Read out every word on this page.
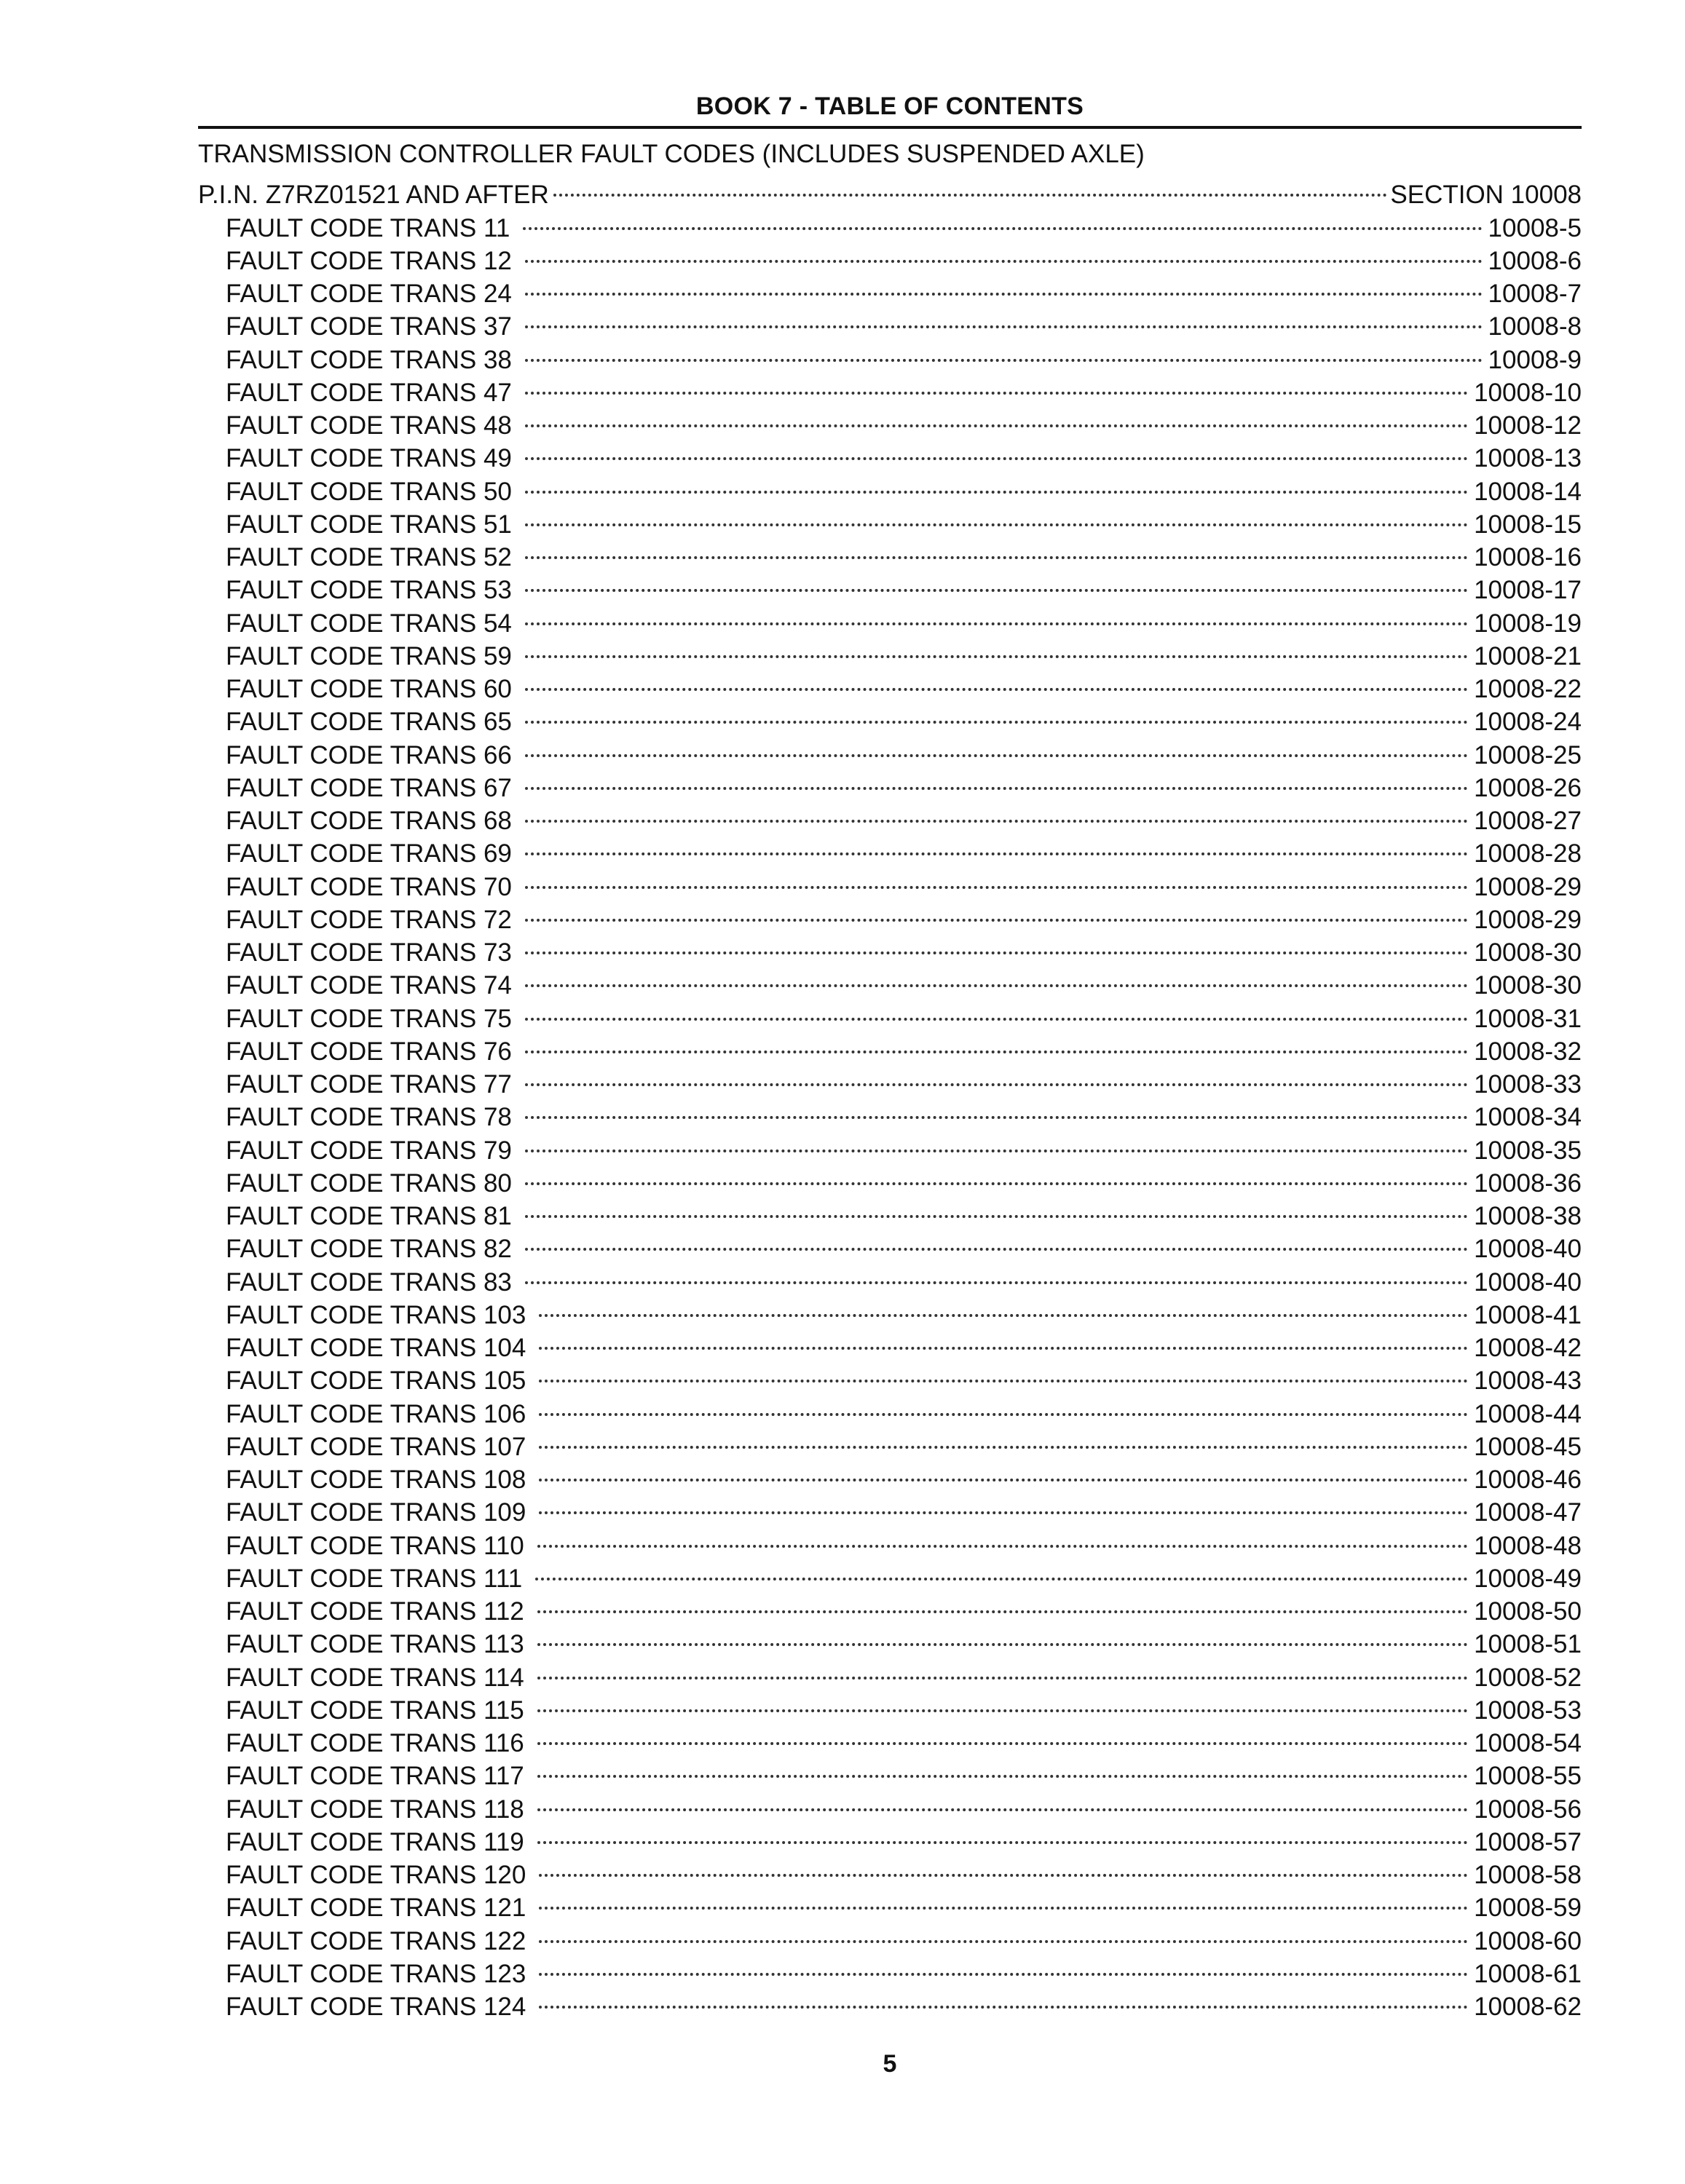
BOOK 7 - TABLE OF CONTENTS
TRANSMISSION CONTROLLER FAULT CODES (INCLUDES SUSPENDED AXLE)
P.I.N. Z7RZ01521 AND AFTER	SECTION 10008
FAULT CODE TRANS 11	10008-5
FAULT CODE TRANS 12	10008-6
FAULT CODE TRANS 24	10008-7
FAULT CODE TRANS 37	10008-8
FAULT CODE TRANS 38	10008-9
FAULT CODE TRANS 47	10008-10
FAULT CODE TRANS 48	10008-12
FAULT CODE TRANS 49	10008-13
FAULT CODE TRANS 50	10008-14
FAULT CODE TRANS 51	10008-15
FAULT CODE TRANS 52	10008-16
FAULT CODE TRANS 53	10008-17
FAULT CODE TRANS 54	10008-19
FAULT CODE TRANS 59	10008-21
FAULT CODE TRANS 60	10008-22
FAULT CODE TRANS 65	10008-24
FAULT CODE TRANS 66	10008-25
FAULT CODE TRANS 67	10008-26
FAULT CODE TRANS 68	10008-27
FAULT CODE TRANS 69	10008-28
FAULT CODE TRANS 70	10008-29
FAULT CODE TRANS 72	10008-29
FAULT CODE TRANS 73	10008-30
FAULT CODE TRANS 74	10008-30
FAULT CODE TRANS 75	10008-31
FAULT CODE TRANS 76	10008-32
FAULT CODE TRANS 77	10008-33
FAULT CODE TRANS 78	10008-34
FAULT CODE TRANS 79	10008-35
FAULT CODE TRANS 80	10008-36
FAULT CODE TRANS 81	10008-38
FAULT CODE TRANS 82	10008-40
FAULT CODE TRANS 83	10008-40
FAULT CODE TRANS 103	10008-41
FAULT CODE TRANS 104	10008-42
FAULT CODE TRANS 105	10008-43
FAULT CODE TRANS 106	10008-44
FAULT CODE TRANS 107	10008-45
FAULT CODE TRANS 108	10008-46
FAULT CODE TRANS 109	10008-47
FAULT CODE TRANS 110	10008-48
FAULT CODE TRANS 111	10008-49
FAULT CODE TRANS 112	10008-50
FAULT CODE TRANS 113	10008-51
FAULT CODE TRANS 114	10008-52
FAULT CODE TRANS 115	10008-53
FAULT CODE TRANS 116	10008-54
FAULT CODE TRANS 117	10008-55
FAULT CODE TRANS 118	10008-56
FAULT CODE TRANS 119	10008-57
FAULT CODE TRANS 120	10008-58
FAULT CODE TRANS 121	10008-59
FAULT CODE TRANS 122	10008-60
FAULT CODE TRANS 123	10008-61
FAULT CODE TRANS 124	10008-62
5
